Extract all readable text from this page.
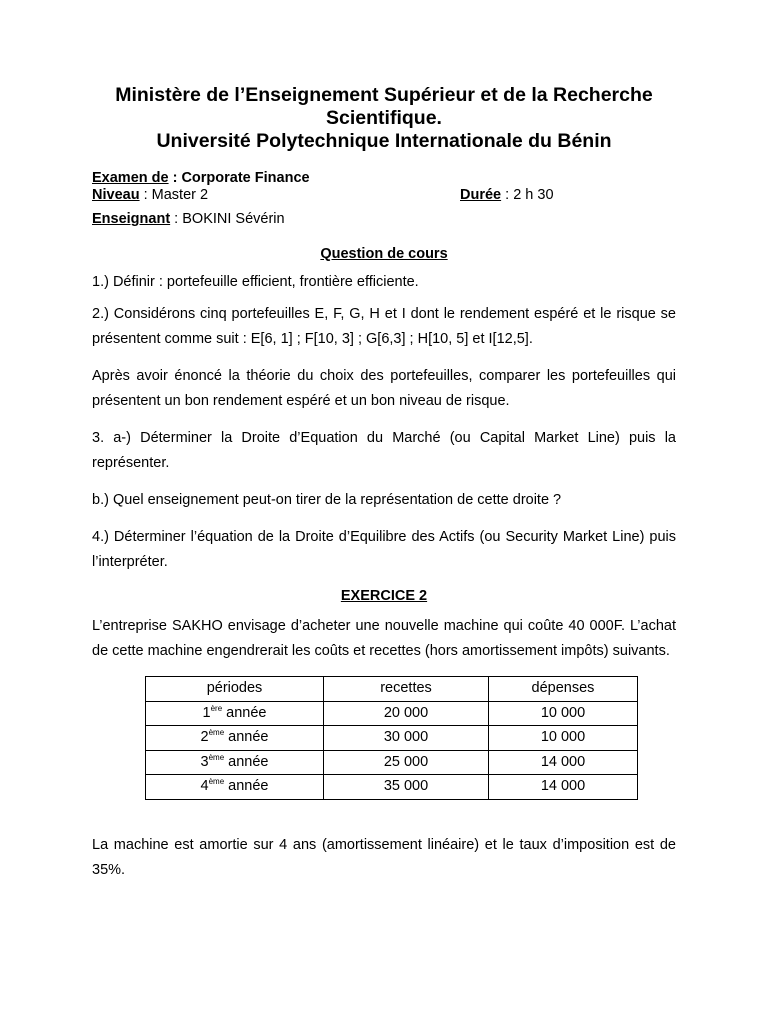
Ministère de l’Enseignement Supérieur et de la Recherche
Scientifique.
Université Polytechnique Internationale du Bénin
Examen de : Corporate Finance
Niveau : Master 2	Durée : 2 h 30
Enseignant : BOKINI Sévérin
Question de cours
1.) Définir : portefeuille efficient, frontière efficiente.
2.) Considérons cinq portefeuilles E, F, G, H et I dont le rendement espéré et le risque se présentent comme suit : E[6, 1] ; F[10, 3] ; G[6,3] ; H[10, 5] et I[12,5].
Après avoir énoncé la théorie du choix des portefeuilles, comparer les portefeuilles qui présentent un bon rendement espéré et un bon niveau de risque.
3. a-) Déterminer la Droite d’Equation du Marché (ou Capital Market Line) puis la représenter.
b.) Quel enseignement peut-on tirer de la représentation de cette droite ?
4.) Déterminer l’équation de la Droite d’Equilibre des Actifs (ou Security Market Line) puis l’interpréter.
EXERCICE 2
L’entreprise SAKHO envisage d’acheter une nouvelle machine qui coûte 40 000F. L’achat de cette machine engendrerait les coûts et recettes (hors amortissement impôts) suivants.
périodes	recettes	dépenses
1ère année	20 000	10 000
2ème année	30 000	10 000
3ème année	25 000	14 000
4ème année	35 000	14 000
La machine est amortie sur 4 ans (amortissement linéaire) et le taux d’imposition est de 35%.
